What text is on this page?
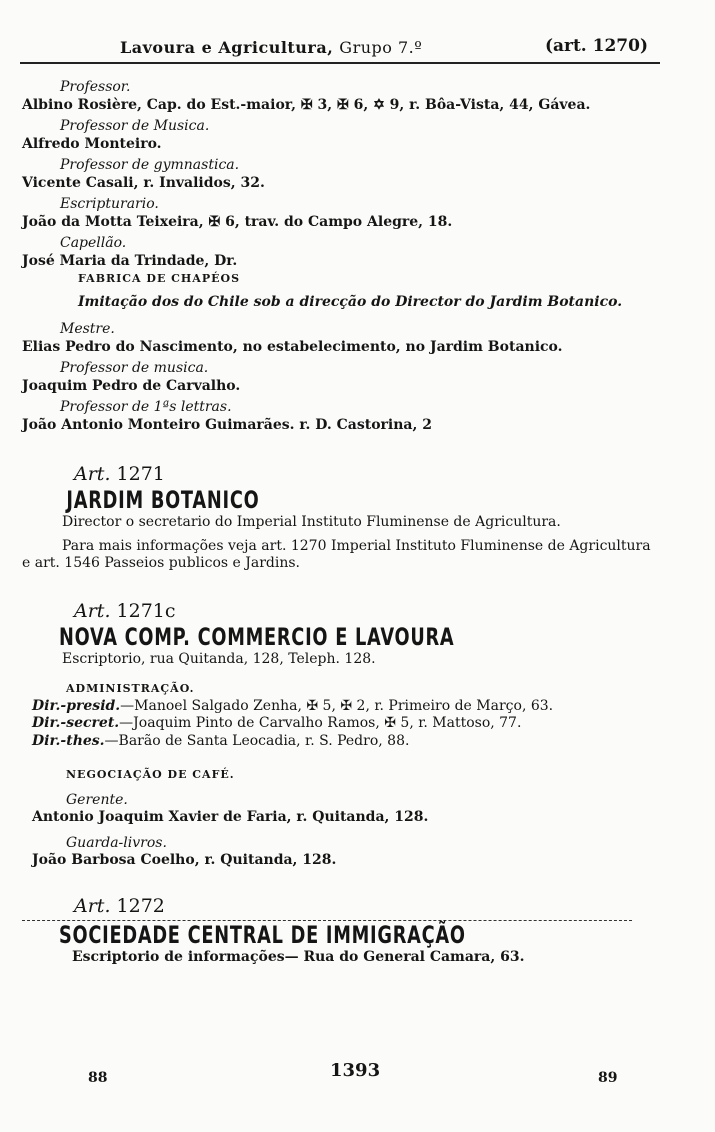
Lavoura e Agricultura, Grupo 7.º	(art. 1270)
Professor.
Albino Rosière, Cap. do Est.-maior, ✠ 3, ✠ 6, ✡ 9, r. Bôa-Vista, 44, Gávea.
Professor de Musica.
Alfredo Monteiro.
Professor de gymnastica.
Vicente Casali, r. Invalidos, 32.
Escripturario.
João da Motta Teixeira, ✠ 6, trav. do Campo Alegre, 18.
Capellão.
José Maria da Trindade, Dr.
FABRICA DE CHAPÉOS
Imitação dos do Chile sob a direcção do Director do Jardim Botanico.
Mestre.
Elias Pedro do Nascimento, no estabelecimento, no Jardim Botanico.
Professor de musica.
Joaquim Pedro de Carvalho.
Professor de 1ªs lettras.
João Antonio Monteiro Guimarães. r. D. Castorina, 2
Art. 1271
JARDIM BOTANICO
Director o secretario do Imperial Instituto Fluminense de Agricultura.
Para mais informações veja art. 1270 Imperial Instituto Fluminense de Agricultura e art. 1546 Passeios publicos e Jardins.
Art. 1271c
NOVA COMP. COMMERCIO E LAVOURA
Escriptorio, rua Quitanda, 128, Teleph. 128.
ADMINISTRAÇÃO.
Dir.-presid.—Manoel Salgado Zenha, ✠ 5, ✠ 2, r. Primeiro de Março, 63.
Dir.-secret.—Joaquim Pinto de Carvalho Ramos, ✠ 5, r. Mattoso, 77.
Dir.-thes.—Barão de Santa Leocadia, r. S. Pedro, 88.
NEGOCIAÇÃO DE CAFÉ.
Gerente.
Antonio Joaquim Xavier de Faria, r. Quitanda, 128.
Guarda-livros.
João Barbosa Coelho, r. Quitanda, 128.
Art. 1272
SOCIEDADE CENTRAL DE IMMIGRAÇÃO
Escriptorio de informações— Rua do General Camara, 63.
88	1393	89
